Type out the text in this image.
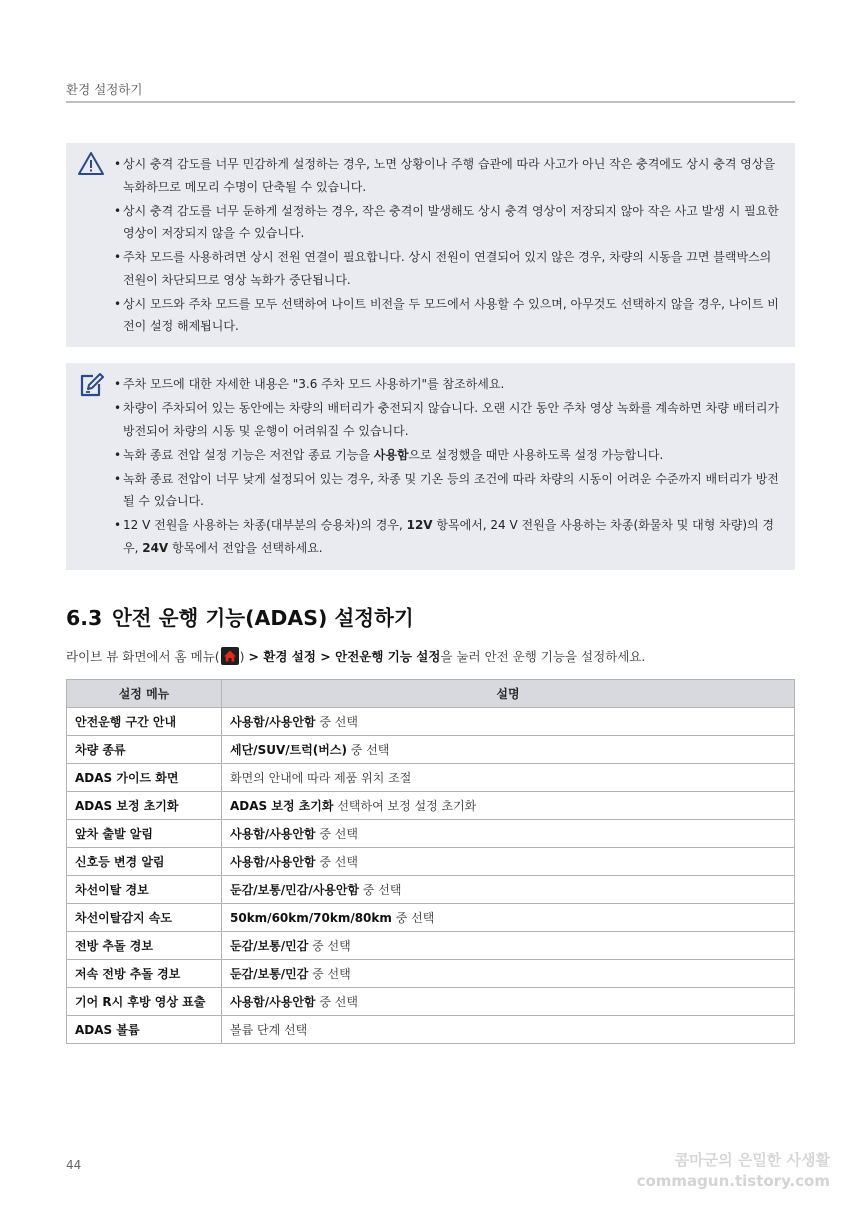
환경 설정하기
• 상시 충격 감도를 너무 민감하게 설정하는 경우, 노면 상황이나 주행 습관에 따라 사고가 아닌 작은 충격에도 상시 충격 영상을 녹화하므로 메모리 수명이 단축될 수 있습니다.
• 상시 충격 감도를 너무 둔하게 설정하는 경우, 작은 충격이 발생해도 상시 충격 영상이 저장되지 않아 작은 사고 발생 시 필요한 영상이 저장되지 않을 수 있습니다.
• 주차 모드를 사용하려면 상시 전원 연결이 필요합니다. 상시 전원이 연결되어 있지 않은 경우, 차량의 시동을 끄면 블랙박스의 전원이 차단되므로 영상 녹화가 중단됩니다.
• 상시 모드와 주차 모드를 모두 선택하여 나이트 비전을 두 모드에서 사용할 수 있으며, 아무것도 선택하지 않을 경우, 나이트 비전이 설정 해제됩니다.
• 주차 모드에 대한 자세한 내용은 "3.6 주차 모드 사용하기"를 참조하세요.
• 차량이 주차되어 있는 동안에는 차량의 배터리가 충전되지 않습니다. 오랜 시간 동안 주차 영상 녹화를 계속하면 차량 배터리가 방전되어 차량의 시동 및 운행이 어려워질 수 있습니다.
• 녹화 종료 전압 설정 기능은 저전압 종료 기능을 사용함으로 설정했을 때만 사용하도록 설정 가능합니다.
• 녹화 종료 전압이 너무 낮게 설정되어 있는 경우, 차종 및 기온 등의 조건에 따라 차량의 시동이 어려운 수준까지 배터리가 방전될 수 있습니다.
• 12 V 전원을 사용하는 차종(대부분의 승용차)의 경우, 12V 항목에서, 24 V 전원을 사용하는 차종(화물차 및 대형 차량)의 경우, 24V 항목에서 전압을 선택하세요.
6.3 안전 운행 기능(ADAS) 설정하기
라이브 뷰 화면에서 홈 메뉴( ) > 환경 설정 > 안전운행 기능 설정을 눌러 안전 운행 기능을 설정하세요.
설정 메뉴	설명
안전운행 구간 안내	사용함/사용안함 중 선택
차량 종류	세단/SUV/트럭(버스) 중 선택
ADAS 가이드 화면	화면의 안내에 따라 제품 위치 조절
ADAS 보정 초기화	ADAS 보정 초기화 선택하여 보정 설정 초기화
앞차 출발 알림	사용함/사용안함 중 선택
신호등 변경 알림	사용함/사용안함 중 선택
차선이탈 경보	둔감/보통/민감/사용안함 중 선택
차선이탈감지 속도	50km/60km/70km/80km 중 선택
전방 추돌 경보	둔감/보통/민감 중 선택
저속 전방 추돌 경보	둔감/보통/민감 중 선택
기어 R시 후방 영상 표출	사용함/사용안함 중 선택
ADAS 볼륨	볼륨 단계 선택
44	콤마군의 은밀한 사생활
commagun.tistory.com
